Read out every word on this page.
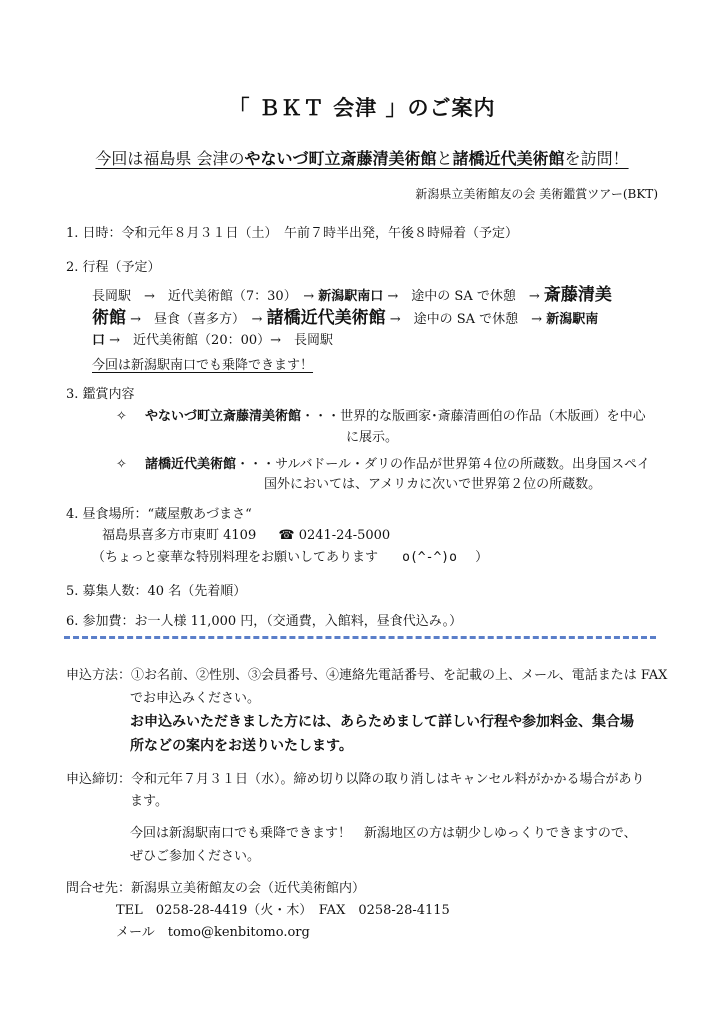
「 ＢＫＴ 会津 」のご案内
今回は福島県 会津のやないづ町立斎藤清美術館と諸橋近代美術館を訪問！
新潟県立美術館友の会 美術鑑賞ツアー(BKT)
1. 日時：令和元年８月３１日（土）　午前７時半出発，午後８時帰着（予定）
2. 行程（予定）
長岡駅　→　近代美術館（7：30）　→ 新潟駅南口 →　途中の SA で休憩　→ 斎藤清美
術館 →　昼食（喜多方）　→ 諸橋近代美術館 →　途中の SA で休憩　→ 新潟駅南
口 →　近代美術館（20：00）→　長岡駅
今回は新潟駅南口でも乗降できます！
3. 鑑賞内容
✧ やないづ町立斎藤清美術館・・・世界的な版画家･斎藤清画伯の作品（木版画）を中心
に展示。
✧ 諸橋近代美術館・・・サルバドール・ダリの作品が世界第４位の所蔵数。出身国スペイ
国外においては、アメリカに次いで世界第２位の所蔵数。
4. 昼食場所：“蔵屋敷あづまさ“
福島県喜多方市東町 4109 ☎ 0241-24-5000
（ちょっと豪華な特別料理をお願いしてあります o(^-^)o ）
5. 募集人数：40 名（先着順）
6. 参加費：お一人様 11,000 円，（交通費，入館料，昼食代込み。）
申込方法：①お名前、②性別、③会員番号、④連絡先電話番号、を記載の上、メール、電話または FAX
でお申込みください。
お申込みいただきました方には、あらためまして詳しい行程や参加料金、集合場
所などの案内をお送りいたします。
申込締切：令和元年７月３１日（水）。締め切り以降の取り消しはキャンセル料がかかる場合があり
ます。
今回は新潟駅南口でも乗降できます！　新潟地区の方は朝少しゆっくりできますので、
ぜひご参加ください。
問合せ先：新潟県立美術館友の会（近代美術館内）
TEL　0258-28-4419（火・木）　FAX　0258-28-4115
メール　tomo@kenbitomo.org
